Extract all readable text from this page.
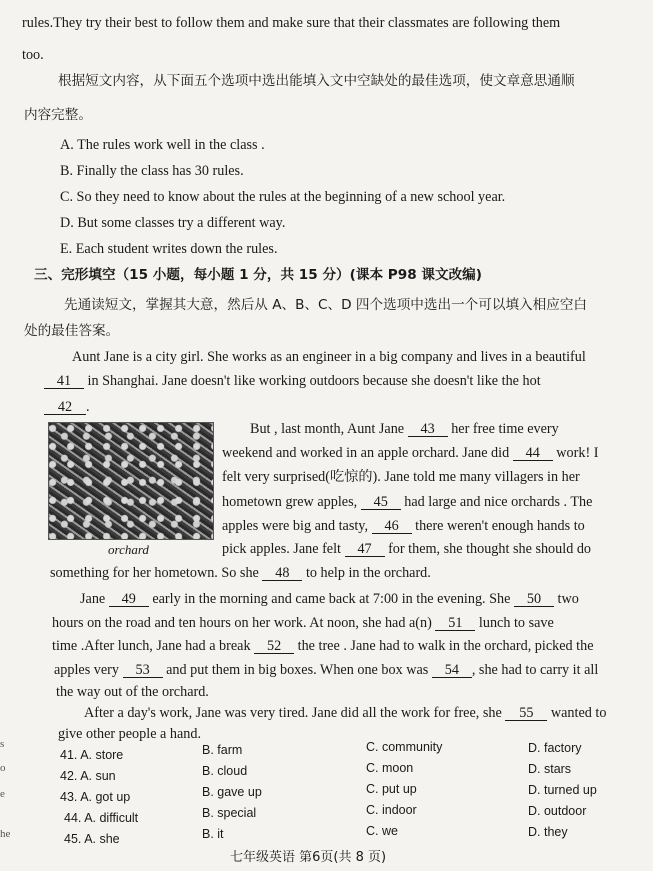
rules.They try their best to follow them and make sure that their classmates are following them
too.
根据短文内容，从下面五个选项中选出能填入文中空缺处的最佳选项，使文章意思通顺
内容完整。
A. The rules work well in the class .
B. Finally the class has 30 rules.
C. So they need to know about the rules at the beginning of a new school year.
D. But some classes try a different way.
E. Each student writes down the rules.
三、完形填空（15 小题，每小题 1 分，共 15 分）(课本 P98 课文改编)
先通读短文，掌握其大意，然后从 A、B、C、D 四个选项中选出一个可以填入相应空白
处的最佳答案。
Aunt Jane is a city girl. She works as an engineer in a big company and lives in a beautiful
41 in Shanghai. Jane doesn't like working outdoors because she doesn't like the hot
42 .
orchard
But , last month, Aunt Jane 43 her free time every
weekend and worked in an apple orchard. Jane did 44 work! I
felt very surprised(吃惊的). Jane told me many villagers in her
hometown grew apples, 45 had large and nice orchards . The
apples were big and tasty, 46 there weren't enough hands to
pick apples. Jane felt 47 for them, she thought she should do
something for her hometown. So she 48 to help in the orchard.
Jane 49 early in the morning and came back at 7:00 in the evening. She 50 two
hours on the road and ten hours on her work. At noon, she had a(n) 51 lunch to save
time .After lunch, Jane had a break 52 the tree . Jane had to walk in the orchard, picked the
apples very 53 and put them in big boxes. When one box was 54 , she had to carry it all
the way out of the orchard.
After a day's work, Jane was very tired. Jane did all the work for free, she 55 wanted to
give other people a hand.
41. A. store	B. farm	C. community	D. factory
42. A. sun	B. cloud	C. moon	D. stars
43. A. got up	B. gave up	C. put up	D. turned up
44. A. difficult	B. special	C. indoor	D. outdoor
45. A. she	B. it	C. we	D. they
七年级英语 第6页(共 8 页)
s
o
e
he
